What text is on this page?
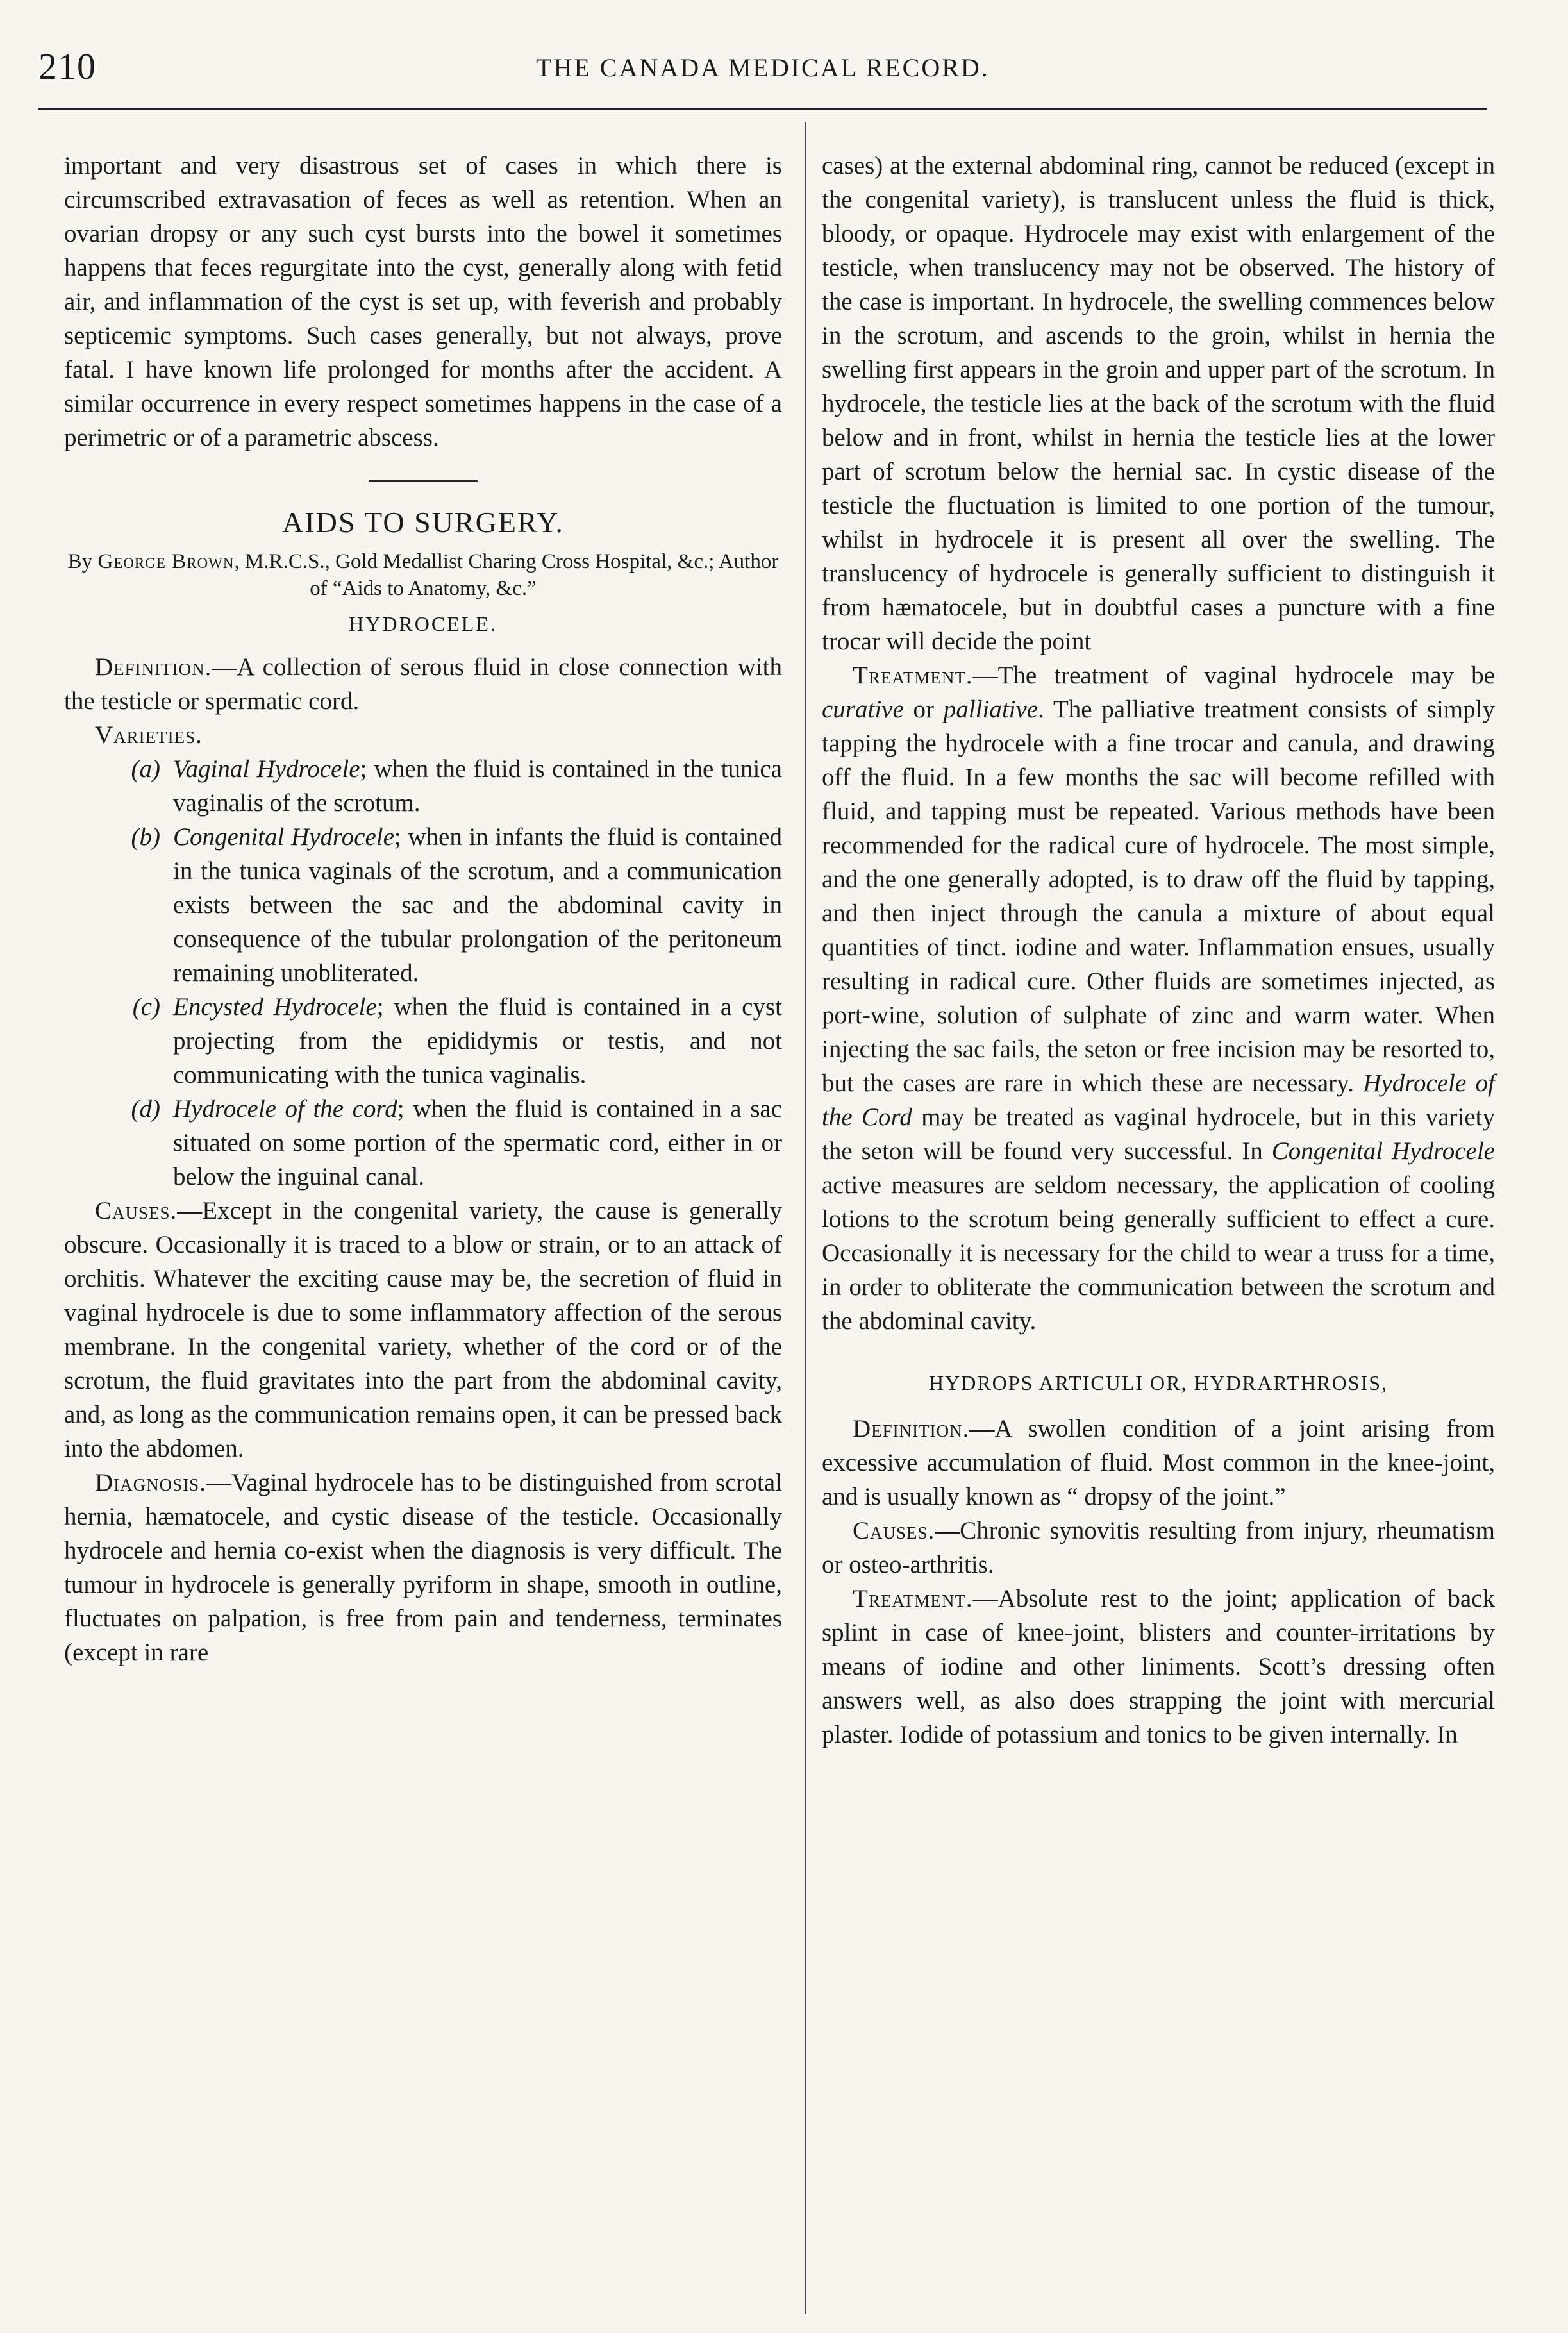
210	THE CANADA MEDICAL RECORD.

important and very disastrous set of cases in which there is circumscribed extravasation of feces as well as retention. When an ovarian dropsy or any such cyst bursts into the bowel it sometimes happens that feces regurgitate into the cyst, generally along with fetid air, and inflammation of the cyst is set up, with feverish and probably septicemic symptoms. Such cases generally, but not always, prove fatal. I have known life prolonged for months after the accident. A similar occurrence in every respect sometimes happens in the case of a perimetric or of a parametric abscess.

AIDS TO SURGERY.
By George Brown, M.R.C.S., Gold Medallist Charing Cross Hospital, &c.; Author of “Aids to Anatomy, &c.”
HYDROCELE.

Definition.—A collection of serous fluid in close connection with the testicle or spermatic cord.

Varieties.

(a) Vaginal Hydrocele; when the fluid is contained in the tunica vaginalis of the scrotum.
(b) Congenital Hydrocele; when in infants the fluid is contained in the tunica vaginals of the scrotum, and a communication exists between the sac and the abdominal cavity in consequence of the tubular prolongation of the peritoneum remaining unobliterated.
(c) Encysted Hydrocele; when the fluid is contained in a cyst projecting from the epididymis or testis, and not communicating with the tunica vaginalis.
(d) Hydrocele of the cord; when the fluid is contained in a sac situated on some portion of the spermatic cord, either in or below the inguinal canal.

Causes.—Except in the congenital variety, the cause is generally obscure. Occasionally it is traced to a blow or strain, or to an attack of orchitis. Whatever the exciting cause may be, the secretion of fluid in vaginal hydrocele is due to some inflammatory affection of the serous membrane. In the congenital variety, whether of the cord or of the scrotum, the fluid gravitates into the part from the abdominal cavity, and, as long as the communication remains open, it can be pressed back into the abdomen.

Diagnosis.—Vaginal hydrocele has to be distinguished from scrotal hernia, hæmatocele, and cystic disease of the testicle. Occasionally hydrocele and hernia co-exist when the diagnosis is very difficult. The tumour in hydrocele is generally pyriform in shape, smooth in outline, fluctuates on palpation, is free from pain and tenderness, terminates (except in rare

cases) at the external abdominal ring, cannot be reduced (except in the congenital variety), is translucent unless the fluid is thick, bloody, or opaque. Hydrocele may exist with enlargement of the testicle, when translucency may not be observed. The history of the case is important. In hydrocele, the swelling commences below in the scrotum, and ascends to the groin, whilst in hernia the swelling first appears in the groin and upper part of the scrotum. In hydrocele, the testicle lies at the back of the scrotum with the fluid below and in front, whilst in hernia the testicle lies at the lower part of scrotum below the hernial sac. In cystic disease of the testicle the fluctuation is limited to one portion of the tumour, whilst in hydrocele it is present all over the swelling. The translucency of hydrocele is generally sufficient to distinguish it from hæmatocele, but in doubtful cases a puncture with a fine trocar will decide the point

Treatment.—The treatment of vaginal hydrocele may be curative or palliative. The palliative treatment consists of simply tapping the hydrocele with a fine trocar and canula, and drawing off the fluid. In a few months the sac will become refilled with fluid, and tapping must be repeated. Various methods have been recommended for the radical cure of hydrocele. The most simple, and the one generally adopted, is to draw off the fluid by tapping, and then inject through the canula a mixture of about equal quantities of tinct. iodine and water. Inflammation ensues, usually resulting in radical cure. Other fluids are sometimes injected, as port-wine, solution of sulphate of zinc and warm water. When injecting the sac fails, the seton or free incision may be resorted to, but the cases are rare in which these are necessary. Hydrocele of the Cord may be treated as vaginal hydrocele, but in this variety the seton will be found very successful. In Congenital Hydrocele active measures are seldom necessary, the application of cooling lotions to the scrotum being generally sufficient to effect a cure. Occasionally it is necessary for the child to wear a truss for a time, in order to obliterate the communication between the scrotum and the abdominal cavity.

HYDROPS ARTICULI OR, HYDRARTHROSIS,

Definition.—A swollen condition of a joint arising from excessive accumulation of fluid. Most common in the knee-joint, and is usually known as “ dropsy of the joint.”

Causes.—Chronic synovitis resulting from injury, rheumatism or osteo-arthritis.

Treatment.—Absolute rest to the joint; application of back splint in case of knee-joint, blisters and counter-irritations by means of iodine and other liniments. Scott’s dressing often answers well, as also does strapping the joint with mercurial plaster. Iodide of potassium and tonics to be given internally. In
